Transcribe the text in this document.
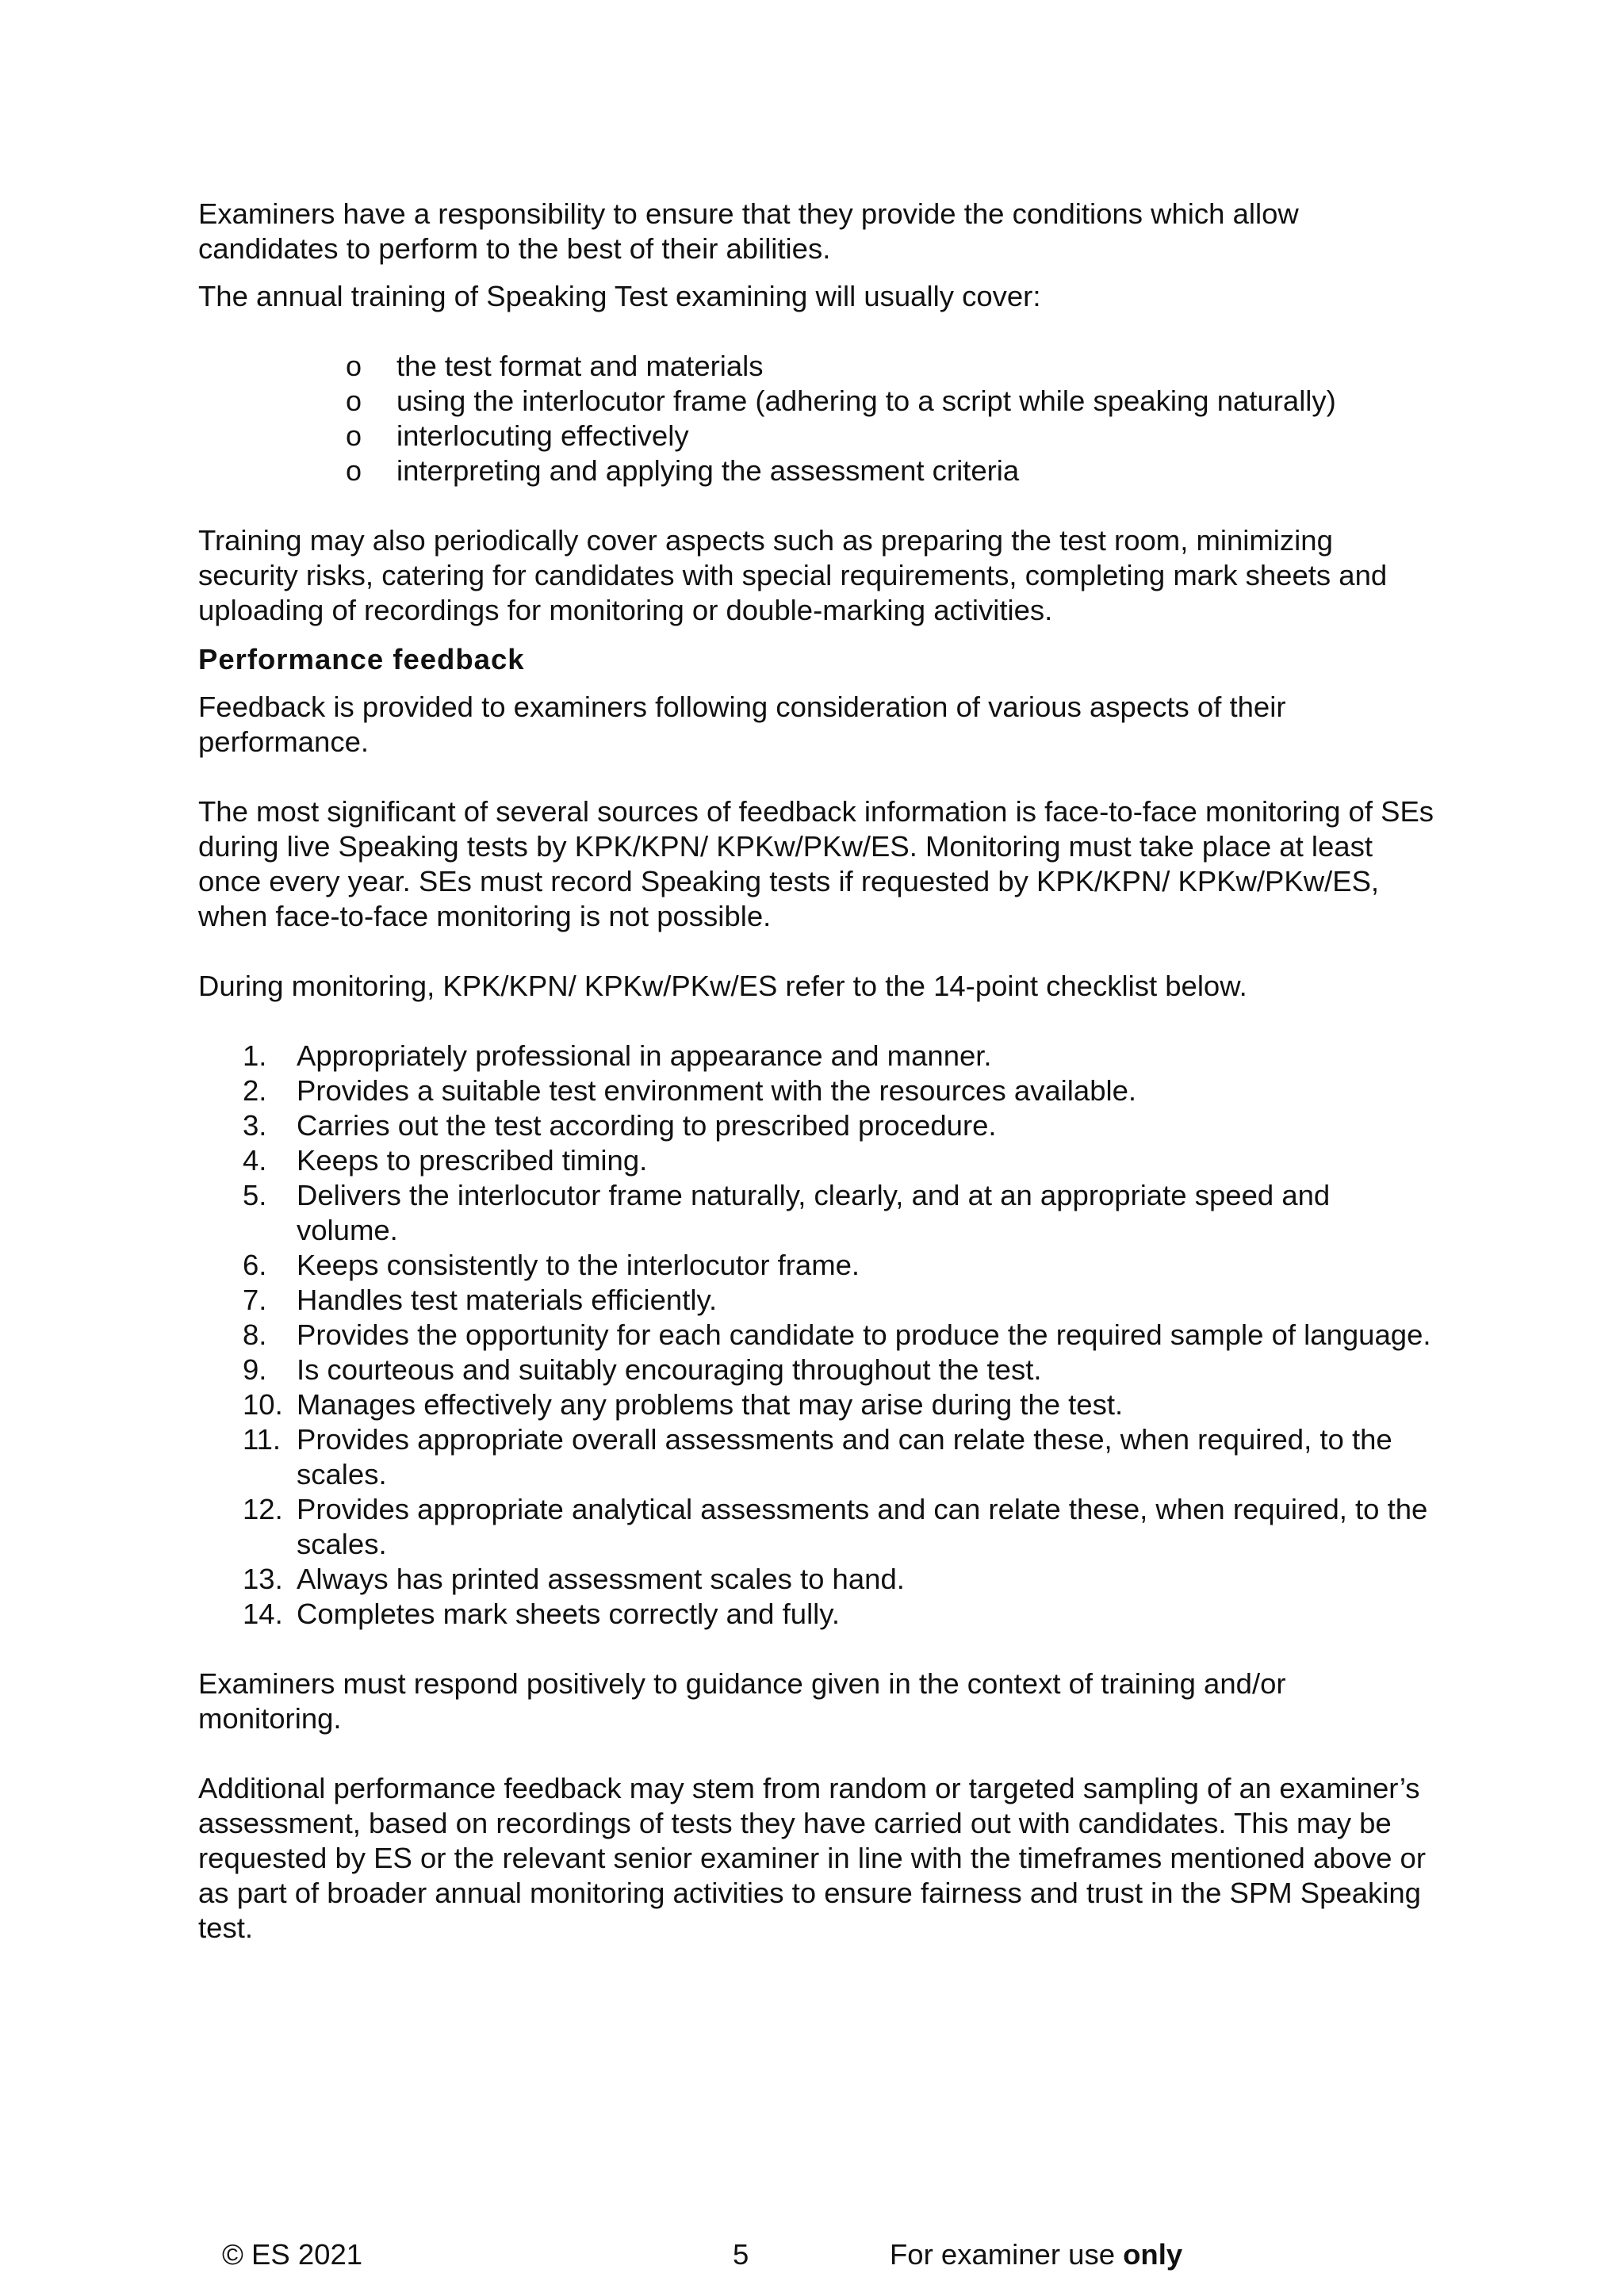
Examiners have a responsibility to ensure that they provide the conditions which allow candidates to perform to the best of their abilities.

The annual training of Speaking Test examining will usually cover:

o the test format and materials
o using the interlocutor frame (adhering to a script while speaking naturally)
o interlocuting effectively
o interpreting and applying the assessment criteria

Training may also periodically cover aspects such as preparing the test room, minimizing security risks, catering for candidates with special requirements, completing mark sheets and uploading of recordings for monitoring or double-marking activities.

Performance feedback

Feedback is provided to examiners following consideration of various aspects of their performance.

The most significant of several sources of feedback information is face-to-face monitoring of SEs during live Speaking tests by KPK/KPN/ KPKw/PKw/ES. Monitoring must take place at least once every year. SEs must record Speaking tests if requested by KPK/KPN/ KPKw/PKw/ES, when face-to-face monitoring is not possible.

During monitoring, KPK/KPN/ KPKw/PKw/ES refer to the 14-point checklist below.

1. Appropriately professional in appearance and manner.
2. Provides a suitable test environment with the resources available.
3. Carries out the test according to prescribed procedure.
4. Keeps to prescribed timing.
5. Delivers the interlocutor frame naturally, clearly, and at an appropriate speed and volume.
6. Keeps consistently to the interlocutor frame.
7. Handles test materials efficiently.
8. Provides the opportunity for each candidate to produce the required sample of language.
9. Is courteous and suitably encouraging throughout the test.
10. Manages effectively any problems that may arise during the test.
11. Provides appropriate overall assessments and can relate these, when required, to the scales.
12. Provides appropriate analytical assessments and can relate these, when required, to the scales.
13. Always has printed assessment scales to hand.
14. Completes mark sheets correctly and fully.

Examiners must respond positively to guidance given in the context of training and/or monitoring.

Additional performance feedback may stem from random or targeted sampling of an examiner’s assessment, based on recordings of tests they have carried out with candidates. This may be requested by ES or the relevant senior examiner in line with the timeframes mentioned above or as part of broader annual monitoring activities to ensure fairness and trust in the SPM Speaking test.

© ES 2021	5	For examiner use only
